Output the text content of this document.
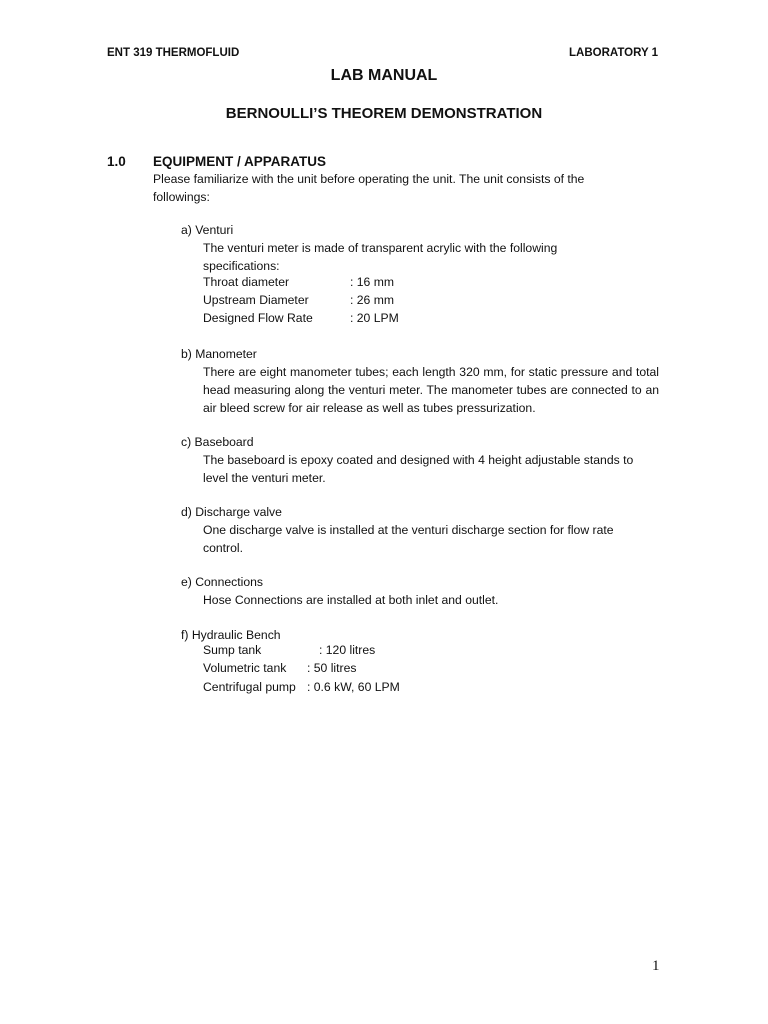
ENT 319 THERMOFLUID	LABORATORY 1
LAB MANUAL
BERNOULLI’S THEOREM DEMONSTRATION
1.0 EQUIPMENT / APPARATUS
Please familiarize with the unit before operating the unit. The unit consists of the followings:
a) Venturi
The venturi meter is made of transparent acrylic with the following specifications:
Throat diameter	: 16 mm
Upstream Diameter	: 26 mm
Designed Flow Rate	: 20 LPM
b) Manometer
There are eight manometer tubes; each length 320 mm, for static pressure and total head measuring along the venturi meter. The manometer tubes are connected to an air bleed screw for air release as well as tubes pressurization.
c) Baseboard
The baseboard is epoxy coated and designed with 4 height adjustable stands to level the venturi meter.
d) Discharge valve
One discharge valve is installed at the venturi discharge section for flow rate control.
e) Connections
Hose Connections are installed at both inlet and outlet.
f) Hydraulic Bench
Sump tank	: 120 litres
Volumetric tank : 50 litres
Centrifugal pump : 0.6 kW, 60 LPM
1
